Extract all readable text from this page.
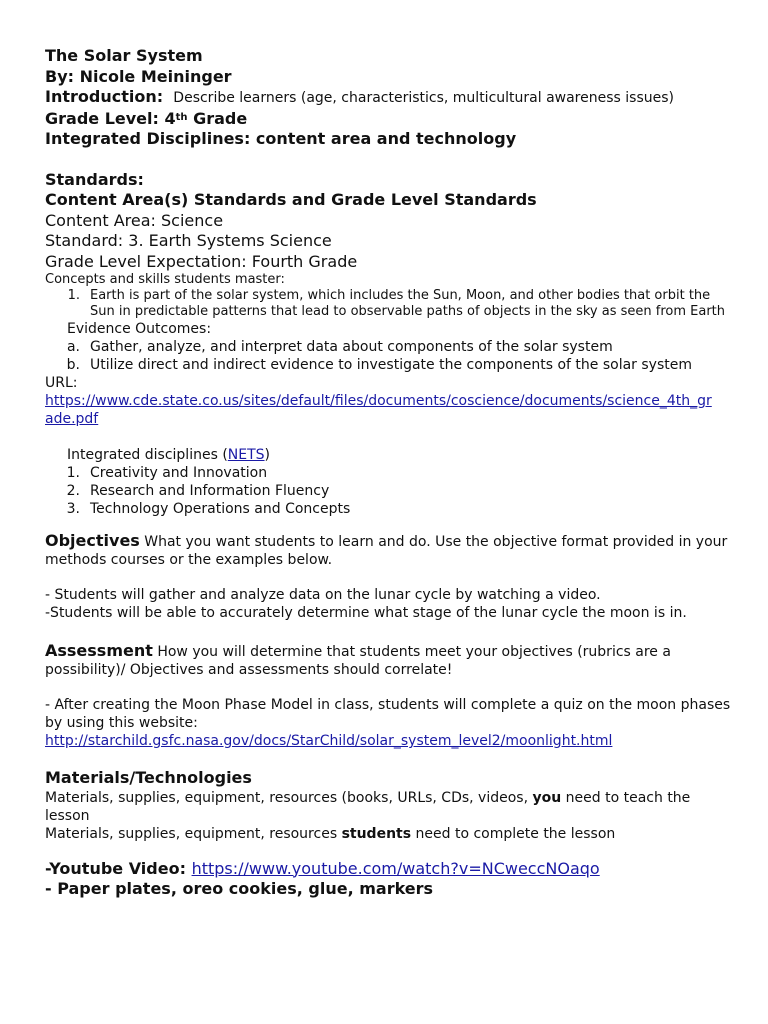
The Solar System
By: Nicole Meininger
Introduction: Describe learners (age, characteristics, multicultural awareness issues)
Grade Level: 4th Grade
Integrated Disciplines: content area and technology
Standards:
Content Area(s) Standards and Grade Level Standards
Content Area: Science
Standard: 3. Earth Systems Science
Grade Level Expectation: Fourth Grade
Concepts and skills students master:
1. Earth is part of the solar system, which includes the Sun, Moon, and other bodies that orbit the Sun in predictable patterns that lead to observable paths of objects in the sky as seen from Earth
Evidence Outcomes:
a. Gather, analyze, and interpret data about components of the solar system
b. Utilize direct and indirect evidence to investigate the components of the solar system
URL:
https://www.cde.state.co.us/sites/default/files/documents/coscience/documents/science_4th_grade.pdf
Integrated disciplines (NETS)
1. Creativity and Innovation
2. Research and Information Fluency
3. Technology Operations and Concepts
Objectives What you want students to learn and do. Use the objective format provided in your methods courses or the examples below.
- Students will gather and analyze data on the lunar cycle by watching a video.
-Students will be able to accurately determine what stage of the lunar cycle the moon is in.
Assessment How you will determine that students meet your objectives (rubrics are a possibility)/ Objectives and assessments should correlate!
- After creating the Moon Phase Model in class, students will complete a quiz on the moon phases by using this website:
http://starchild.gsfc.nasa.gov/docs/StarChild/solar_system_level2/moonlight.html
Materials/Technologies
Materials, supplies, equipment, resources (books, URLs, CDs, videos, you need to teach the lesson
Materials, supplies, equipment, resources students need to complete the lesson
-Youtube Video: https://www.youtube.com/watch?v=NCweccNOaqo
- Paper plates, oreo cookies, glue, markers
